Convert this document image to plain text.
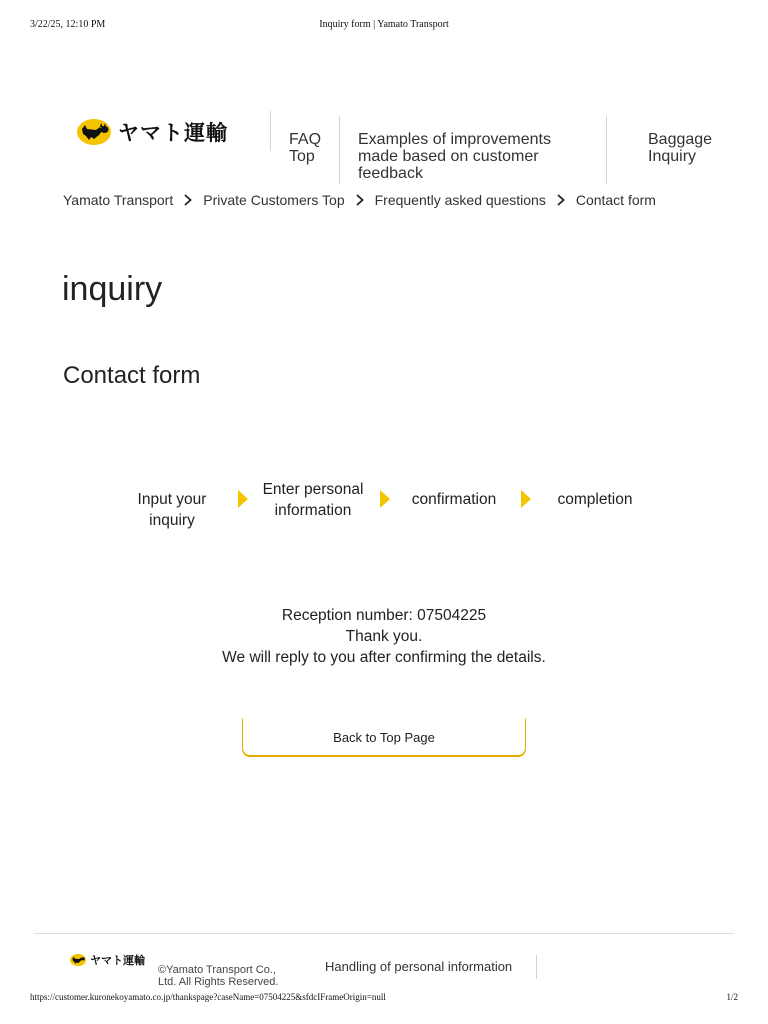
3/22/25, 12:10 PM	Inquiry form | Yamato Transport
ヤマト運輸	FAQ
Top
Examples of improvements made based on customer feedback
Baggage
Inquiry
Yamato Transport Private Customers Top Frequently asked questions Contact form
inquiry
Contact form
Input your
inquiry
Enter personal
information
confirmation	completion
Reception number: 07504225
Thank you.
We will reply to you after confirming the details.
Back to Top Page
ヤマト運輸
©Yamato Transport Co.,
Ltd. All Rights Reserved.
Handling of personal information
https://customer.kuronekoyamato.co.jp/thankspage?caseName=07504225&sfdcIFrameOrigin=null	1/2
